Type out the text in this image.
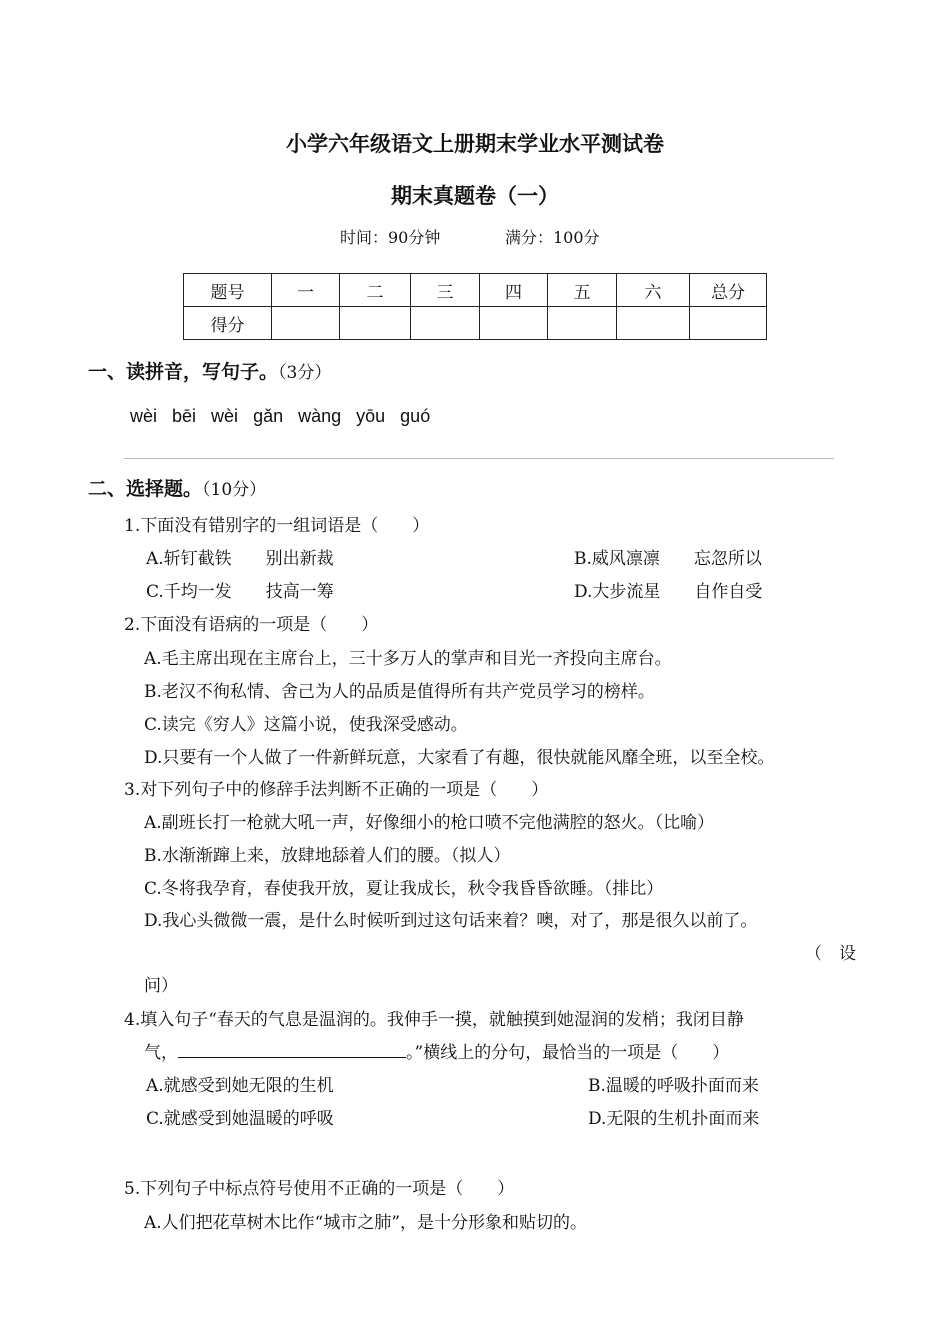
小学六年级语文上册期末学业水平测试卷
期末真题卷（一）
时间：90分钟	满分：100分
题号	一	二	三	四	五	六	总分
得分							
一、读拼音，写句子。（3分）
wèi bēi wèi gǎn wàng yōu guó
二、选择题。（10分）
1.下面没有错别字的一组词语是（　　）
A.斩钉截铁　　别出新裁	B.威风凛凛　　忘忽所以
C.千均一发　　技高一筹	D.大步流星　　自作自受
2.下面没有语病的一项是（　　）
A.毛主席出现在主席台上，三十多万人的掌声和目光一齐投向主席台。
B.老汉不徇私情、舍己为人的品质是值得所有共产党员学习的榜样。
C.读完《穷人》这篇小说，使我深受感动。
D.只要有一个人做了一件新鲜玩意，大家看了有趣，很快就能风靡全班，以至全校。
3.对下列句子中的修辞手法判断不正确的一项是（　　）
A.副班长打一枪就大吼一声，好像细小的枪口喷不完他满腔的怒火。（比喻）
B.水渐渐蹿上来，放肆地舔着人们的腰。（拟人）
C.冬将我孕育，春使我开放，夏让我成长，秋令我昏昏欲睡。（排比）
D.我心头微微一震，是什么时候听到过这句话来着？噢，对了，那是很久以前了。
（　设
问）
4.填入句子“春天的气息是温润的。我伸手一摸，就触摸到她湿润的发梢；我闭目静
气，	。”横线上的分句，最恰当的一项是（　　）
A.就感受到她无限的生机	B.温暖的呼吸扑面而来
C.就感受到她温暖的呼吸	D.无限的生机扑面而来
5.下列句子中标点符号使用不正确的一项是（　　）
A.人们把花草树木比作“城市之肺”，是十分形象和贴切的。
